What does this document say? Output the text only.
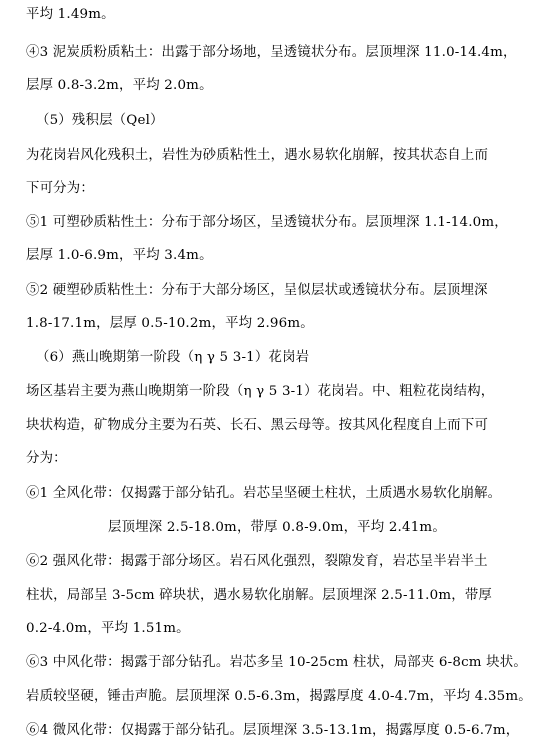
平均 1.49m。
④3 泥炭质粉质粘土：出露于部分场地，呈透镜状分布。层顶埋深 11.0-14.4m，
层厚 0.8-3.2m，平均 2.0m。
（5）残积层（Qel）
为花岗岩风化残积土，岩性为砂质粘性土，遇水易软化崩解，按其状态自上而
下可分为：
⑤1 可塑砂质粘性土：分布于部分场区，呈透镜状分布。层顶埋深 1.1-14.0m，
层厚 1.0-6.9m，平均 3.4m。
⑤2 硬塑砂质粘性土：分布于大部分场区，呈似层状或透镜状分布。层顶埋深
1.8-17.1m，层厚 0.5-10.2m，平均 2.96m。
（6）燕山晚期第一阶段（η γ 5 3-1）花岗岩
场区基岩主要为燕山晚期第一阶段（η γ 5 3-1）花岗岩。中、粗粒花岗结构，
块状构造，矿物成分主要为石英、长石、黑云母等。按其风化程度自上而下可
分为：
⑥1 全风化带：仅揭露于部分钻孔。岩芯呈坚硬土柱状，土质遇水易软化崩解。
层顶埋深 2.5-18.0m，带厚 0.8-9.0m，平均 2.41m。
⑥2 强风化带：揭露于部分场区。岩石风化强烈，裂隙发育，岩芯呈半岩半土
柱状，局部呈 3-5cm 碎块状，遇水易软化崩解。层顶埋深 2.5-11.0m，带厚
0.2-4.0m，平均 1.51m。
⑥3 中风化带：揭露于部分钻孔。岩芯多呈 10-25cm 柱状，局部夹 6-8cm 块状。
岩质较坚硬，锤击声脆。层顶埋深 0.5-6.3m，揭露厚度 4.0-4.7m，平均 4.35m。
⑥4 微风化带：仅揭露于部分钻孔。层顶埋深 3.5-13.1m，揭露厚度 0.5-6.7m，
